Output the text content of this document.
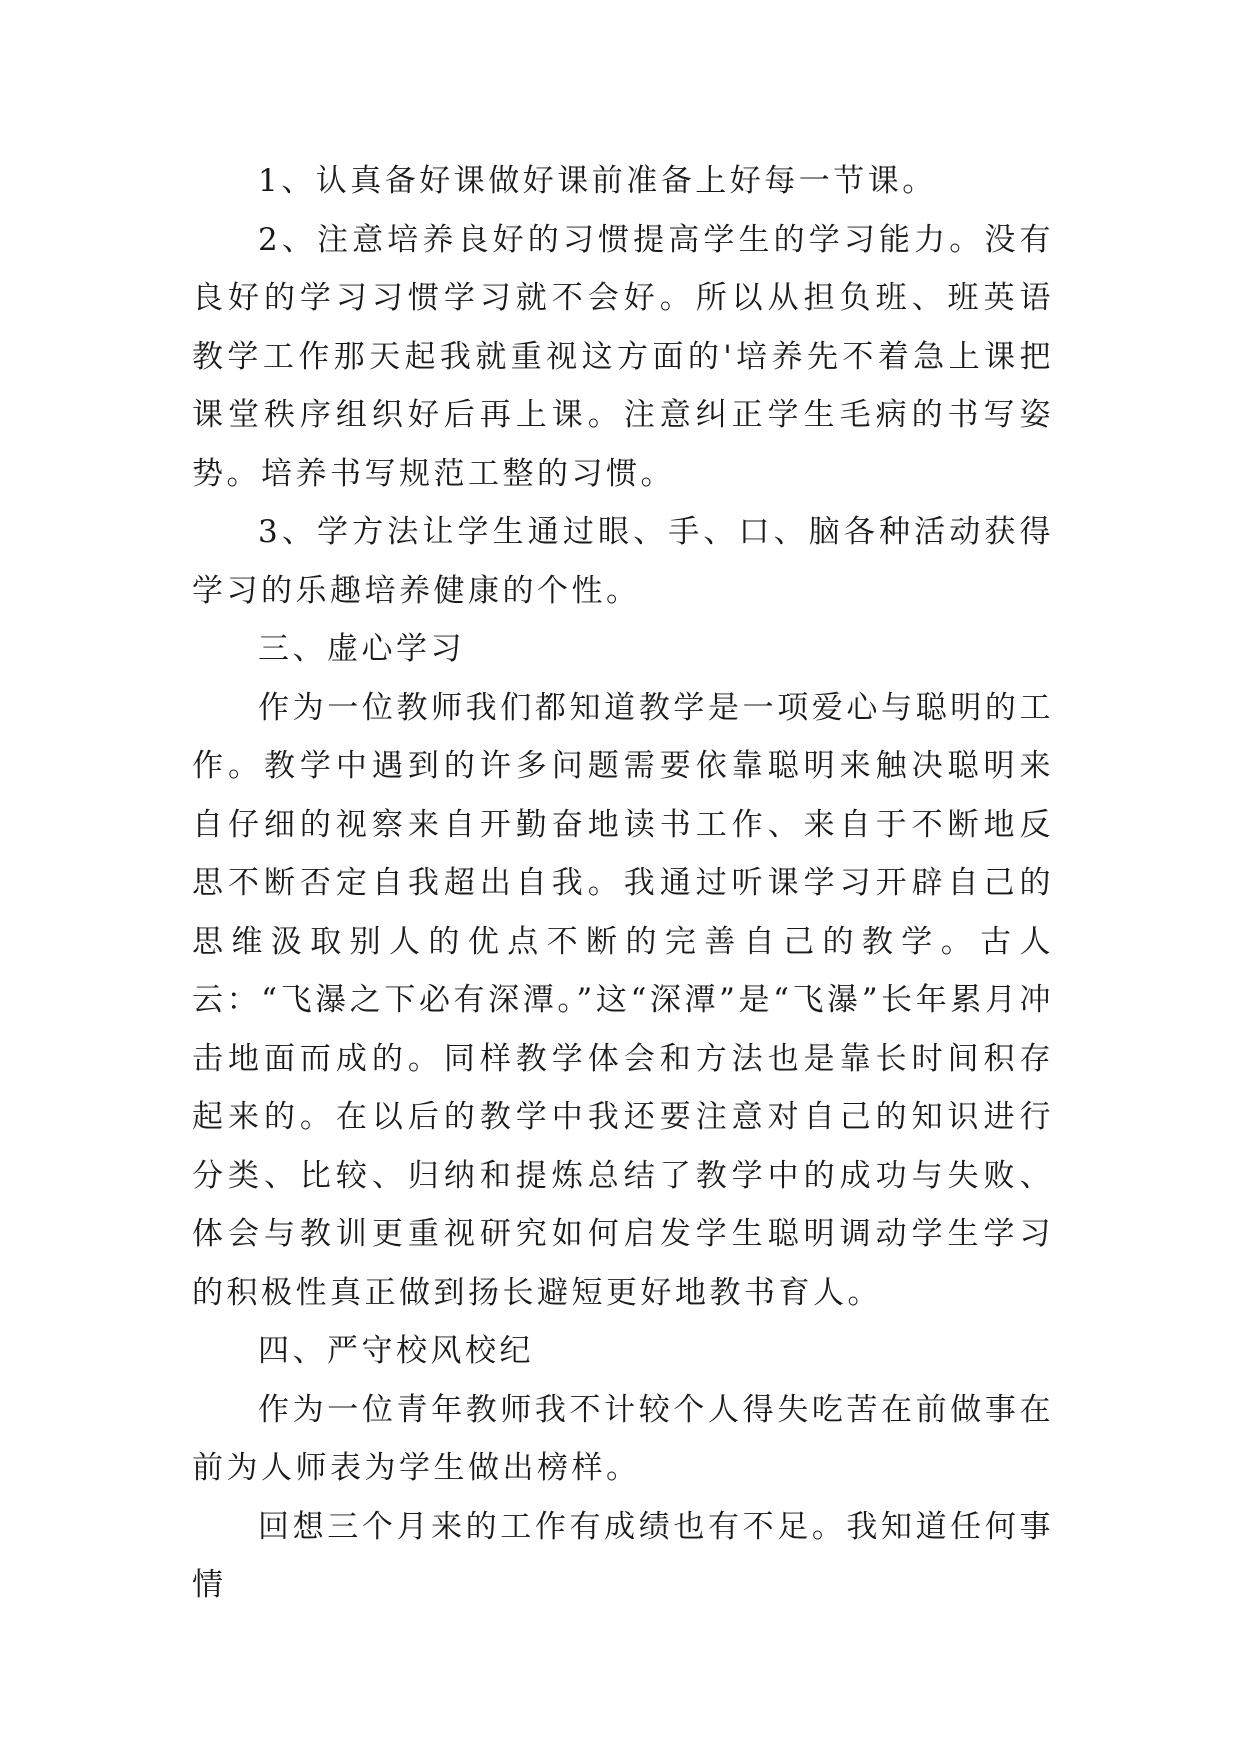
1、认真备好课做好课前准备上好每一节课。

2、注意培养良好的习惯提高学生的学习能力。没有良好的学习习惯学习就不会好。所以从担负班、班英语教学工作那天起我就重视这方面的'培养先不着急上课把课堂秩序组织好后再上课。注意纠正学生毛病的书写姿势。培养书写规范工整的习惯。

3、学方法让学生通过眼、手、口、脑各种活动获得学习的乐趣培养健康的个性。

三、虚心学习

作为一位教师我们都知道教学是一项爱心与聪明的工作。教学中遇到的许多问题需要依靠聪明来触决聪明来自仔细的视察来自开勤奋地读书工作、来自于不断地反思不断否定自我超出自我。我通过听课学习开辟自己的思维汲取别人的优点不断的完善自己的教学。古人云：“飞瀑之下必有深潭。”这“深潭”是“飞瀑”长年累月冲击地面而成的。同样教学体会和方法也是靠长时间积存起来的。在以后的教学中我还要注意对自己的知识进行分类、比较、归纳和提炼总结了教学中的成功与失败、体会与教训更重视研究如何启发学生聪明调动学生学习的积极性真正做到扬长避短更好地教书育人。

四、严守校风校纪

作为一位青年教师我不计较个人得失吃苦在前做事在前为人师表为学生做出榜样。

回想三个月来的工作有成绩也有不足。我知道任何事情
